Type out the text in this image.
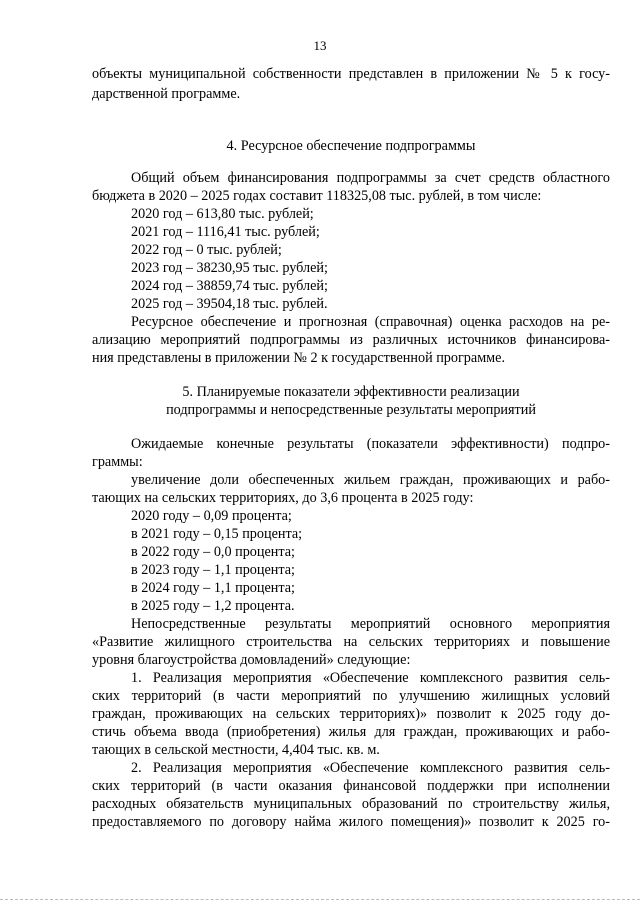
13
объекты муниципальной собственности представлен в приложении № 5 к госу-
дарственной программе.
4. Ресурсное обеспечение подпрограммы
Общий объем финансирования подпрограммы за счет средств областного
бюджета в 2020 – 2025 годах составит 118325,08 тыс. рублей, в том числе:
2020 год – 613,80 тыс. рублей;
2021 год – 1116,41 тыс. рублей;
2022 год – 0 тыс. рублей;
2023 год – 38230,95 тыс. рублей;
2024 год – 38859,74 тыс. рублей;
2025 год – 39504,18 тыс. рублей.
Ресурсное обеспечение и прогнозная (справочная) оценка расходов на ре-
ализацию мероприятий подпрограммы из различных источников финансирова-
ния представлены в приложении № 2 к государственной программе.
5. Планируемые показатели эффективности реализации
подпрограммы и непосредственные результаты мероприятий
Ожидаемые конечные результаты (показатели эффективности) подпро-
граммы:
увеличение доли обеспеченных жильем граждан, проживающих и рабо-
тающих на сельских территориях, до 3,6 процента в 2025 году:
2020 году – 0,09 процента;
в 2021 году – 0,15 процента;
в 2022 году – 0,0 процента;
в 2023 году – 1,1 процента;
в 2024 году – 1,1 процента;
в 2025 году – 1,2 процента.
Непосредственные результаты мероприятий основного мероприятия
«Развитие жилищного строительства на сельских территориях и повышение
уровня благоустройства домовладений» следующие:
1. Реализация мероприятия «Обеспечение комплексного развития сель-
ских территорий (в части мероприятий по улучшению жилищных условий
граждан, проживающих на сельских территориях)» позволит к 2025 году до-
стичь объема ввода (приобретения) жилья для граждан, проживающих и рабо-
тающих в сельской местности, 4,404 тыс. кв. м.
2. Реализация мероприятия «Обеспечение комплексного развития сель-
ских территорий (в части оказания финансовой поддержки при исполнении
расходных обязательств муниципальных образований по строительству жилья,
предоставляемого по договору найма жилого помещения)» позволит к 2025 го-
